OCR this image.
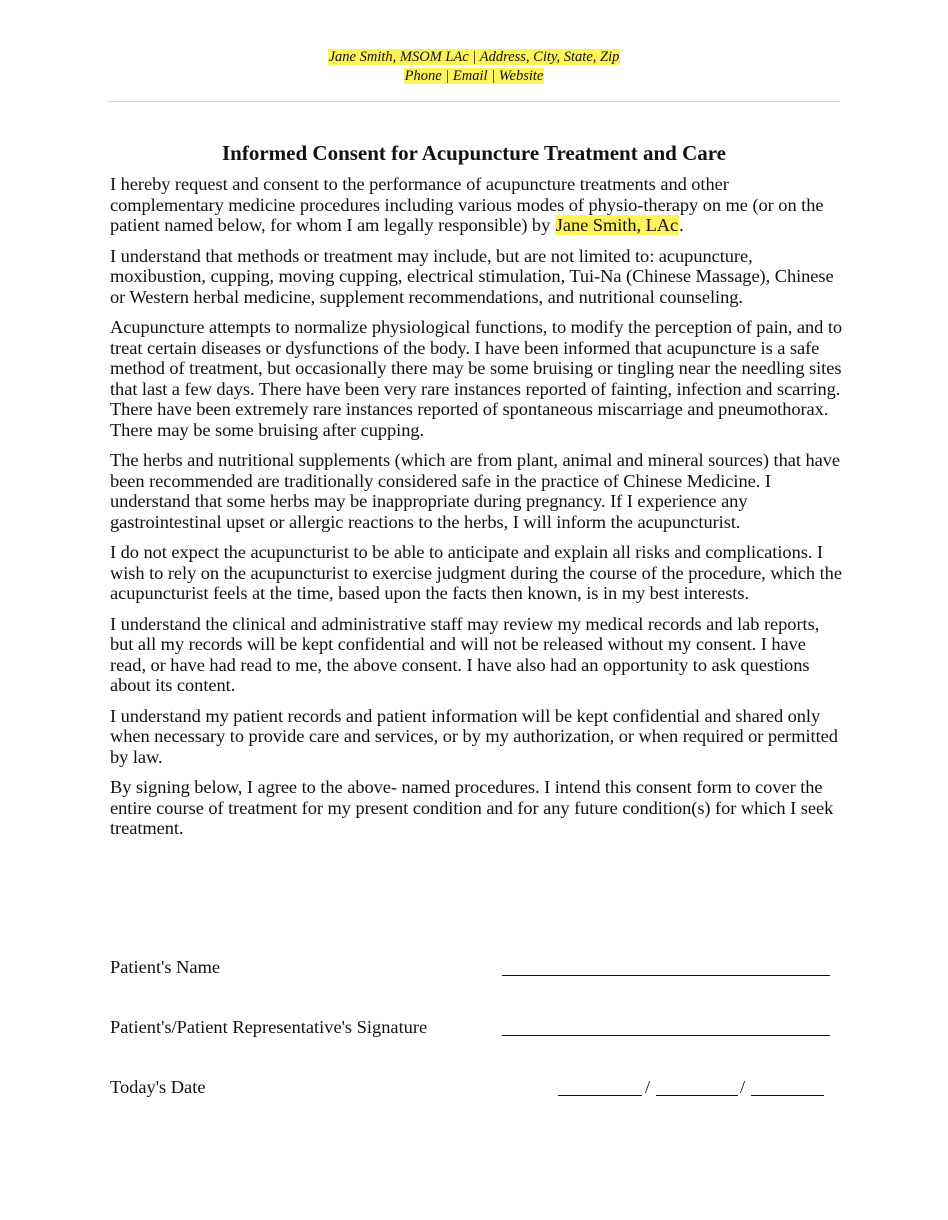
Jane Smith, MSOM LAc | Address, City, State, Zip
Phone | Email | Website
Informed Consent for Acupuncture Treatment and Care

I hereby request and consent to the performance of acupuncture treatments and other complementary medicine procedures including various modes of physio-therapy on me (or on the patient named below, for whom I am legally responsible) by Jane Smith, LAc.

I understand that methods or treatment may include, but are not limited to: acupuncture, moxibustion, cupping, moving cupping, electrical stimulation, Tui-Na (Chinese Massage), Chinese or Western herbal medicine, supplement recommendations, and nutritional counseling.

Acupuncture attempts to normalize physiological functions, to modify the perception of pain, and to treat certain diseases or dysfunctions of the body. I have been informed that acupuncture is a safe method of treatment, but occasionally there may be some bruising or tingling near the needling sites that last a few days. There have been very rare instances reported of fainting, infection and scarring. There have been extremely rare instances reported of spontaneous miscarriage and pneumothorax. There may be some bruising after cupping.

The herbs and nutritional supplements (which are from plant, animal and mineral sources) that have been recommended are traditionally considered safe in the practice of Chinese Medicine. I understand that some herbs may be inappropriate during pregnancy. If I experience any gastrointestinal upset or allergic reactions to the herbs, I will inform the acupuncturist.

I do not expect the acupuncturist to be able to anticipate and explain all risks and complications. I wish to rely on the acupuncturist to exercise judgment during the course of the procedure, which the acupuncturist feels at the time, based upon the facts then known, is in my best interests.

I understand the clinical and administrative staff may review my medical records and lab reports, but all my records will be kept confidential and will not be released without my consent. I have read, or have had read to me, the above consent. I have also had an opportunity to ask questions about its content.

I understand my patient records and patient information will be kept confidential and shared only when necessary to provide care and services, or by my authorization, or when required or permitted by law.

By signing below, I agree to the above- named procedures. I intend this consent form to cover the entire course of treatment for my present condition and for any future condition(s) for which I seek treatment.

Patient's Name
Patient's/Patient Representative's Signature
Today's Date	/	/
